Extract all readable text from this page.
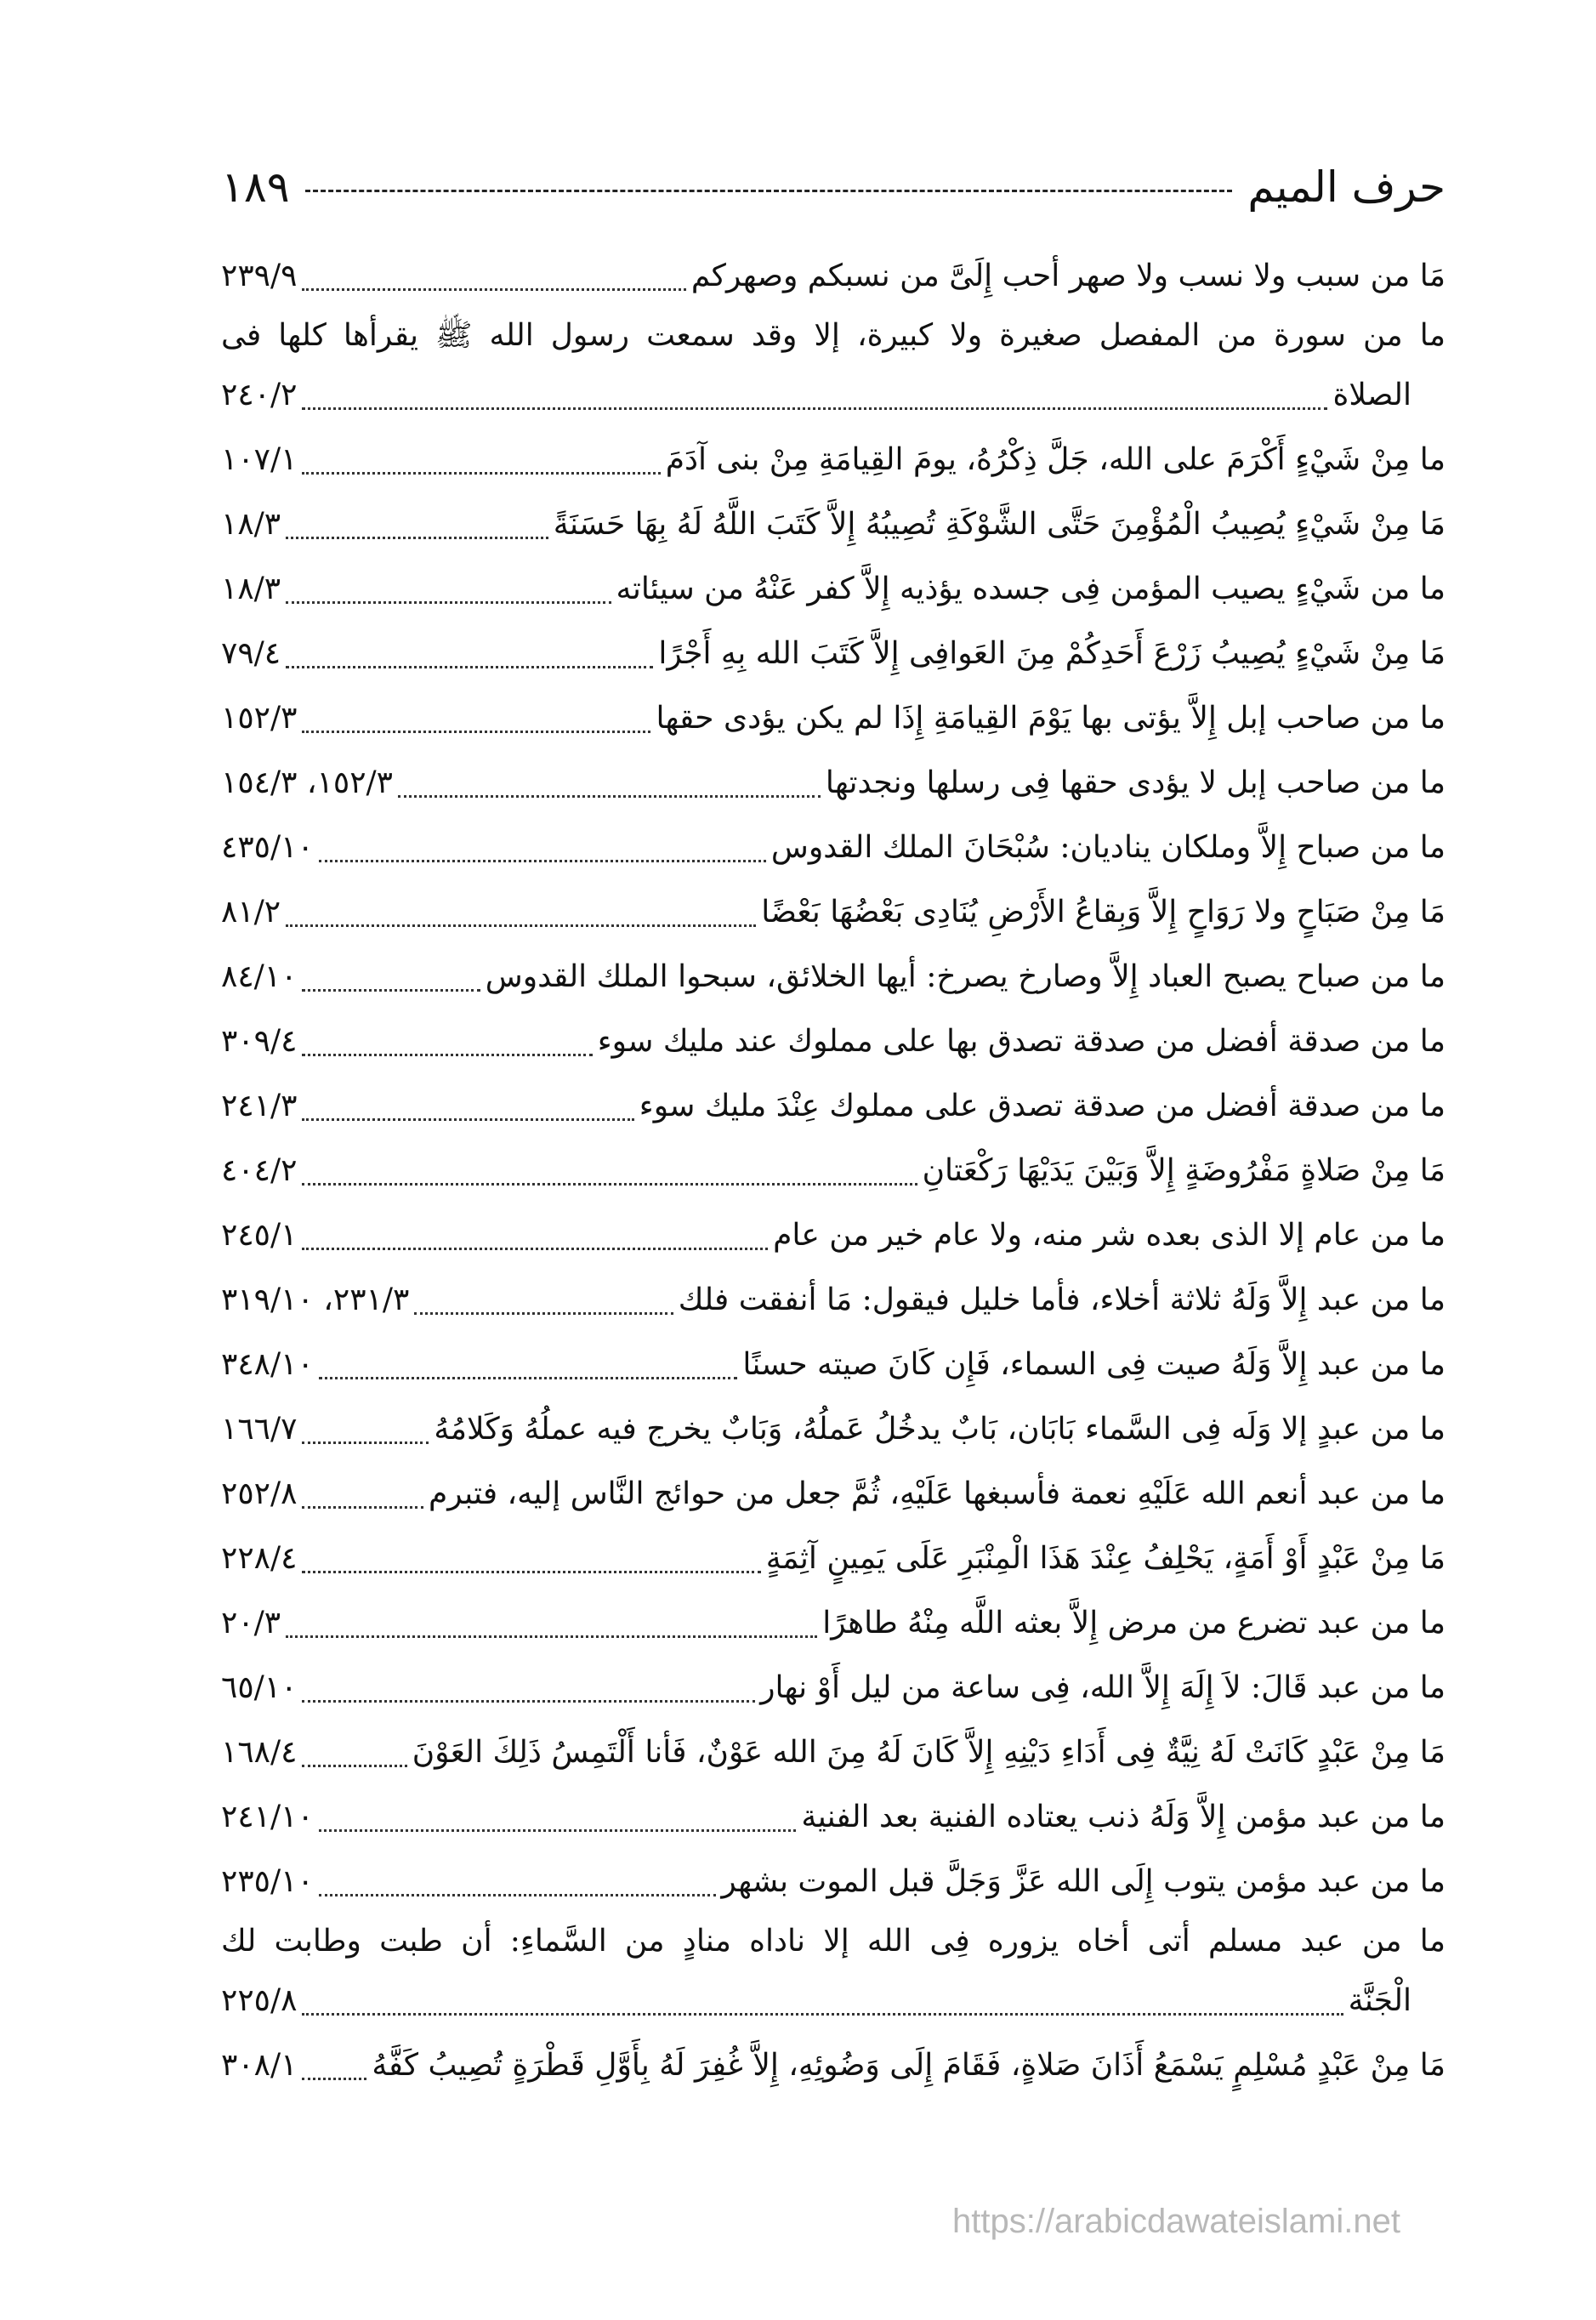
حرف الميم
١٨٩
مَا من سبب ولا نسب ولا صهر أحب إِلَىَّ من نسبكم وصهركم
٢٣٩/٩
ما من سورة من المفصل صغيرة ولا كبيرة، إلا وقد سمعت رسول الله ﷺ يقرأها كلها فى
الصلاة
٢٤٠/٢
ما مِنْ شَيْءٍ أَكْرَمَ على الله، جَلَّ ذِكْرُهُ، يومَ القِيامَةِ مِنْ بنى آدَمَ
١٠٧/١
مَا مِنْ شَيْءٍ يُصِيبُ الْمُؤْمِنَ حَتَّى الشَّوْكَةِ تُصِيبُهُ إِلاَّ كَتَبَ اللَّهُ لَهُ بِهَا حَسَنَةً
١٨/٣
ما من شَيْءٍ يصيب المؤمن فِى جسده يؤذيه إِلاَّ كفر عَنْهُ من سيئاته
١٨/٣
مَا مِنْ شَيْءٍ يُصِيبُ زَرْعَ أَحَدِكُمْ مِنَ العَوافِى إِلاَّ كَتَبَ الله بِهِ أَجْرًا
٧٩/٤
ما من صاحب إبل إِلاَّ يؤتى بها يَوْمَ القِيامَةِ إِذَا لم يكن يؤدى حقها
١٥٢/٣
ما من صاحب إبل لا يؤدى حقها فِى رسلها ونجدتها
١٥٢/٣، ١٥٤/٣
ما من صباح إِلاَّ وملكان يناديان: سُبْحَانَ الملك القدوس
٤٣٥/١٠
مَا مِنْ صَبَاحٍ ولا رَوَاحٍ إِلاَّ وَبِقاعُ الأَرْضِ يُنَادِى بَعْضُهَا بَعْضًا
٨١/٢
ما من صباح يصبح العباد إِلاَّ وصارخ يصرخ: أيها الخلائق، سبحوا الملك القدوس
٨٤/١٠
ما من صدقة أفضل من صدقة تصدق بها على مملوك عند مليك سوء
٣٠٩/٤
ما من صدقة أفضل من صدقة تصدق على مملوك عِنْدَ مليك سوء
٢٤١/٣
مَا مِنْ صَلاةٍ مَفْرُوضَةٍ إِلاَّ وَبَيْنَ يَدَيْهَا رَكْعَتانِ
٤٠٤/٢
ما من عام إلا الذى بعده شر منه، ولا عام خير من عام
٢٤٥/١
ما من عبد إِلاَّ وَلَهُ ثلاثة أخلاء، فأما خليل فيقول: مَا أنفقت فلك
٢٣١/٣، ٣١٩/١٠
ما من عبد إِلاَّ وَلَهُ صيت فِى السماء، فَإِن كَانَ صيته حسنًا
٣٤٨/١٠
ما من عبدٍ إلا وَلَه فِى السَّماء بَابَان، بَابٌ يدخُلُ عَملُهُ، وَبَابٌ يخرج فيه عملُهُ وَكَلامُهُ
١٦٦/٧
ما من عبد أنعم الله عَلَيْهِ نعمة فأسبغها عَلَيْهِ، ثُمَّ جعل من حوائج النَّاس إليه، فتبرم
٢٥٢/٨
مَا مِنْ عَبْدٍ أَوْ أَمَةٍ، يَحْلِفُ عِنْدَ هَذَا الْمِنْبَرِ عَلَى يَمِينٍ آثِمَةٍ
٢٢٨/٤
ما من عبد تضرع من مرض إِلاَّ بعثه اللَّه مِنْهُ طاهرًا
٢٠/٣
ما من عبد قَالَ: لاَ إِلَهَ إِلاَّ الله، فِى ساعة من ليل أَوْ نهار
٦٥/١٠
مَا مِنْ عَبْدٍ كَانَتْ لَهُ نِيَّةٌ فِى أَدَاءِ دَيْنِهِ إِلاَّ كَانَ لَهُ مِنَ الله عَوْنٌ، فَأنا أَلْتَمِسُ ذَلِكَ العَوْنَ
١٦٨/٤
ما من عبد مؤمن إِلاَّ وَلَهُ ذنب يعتاده الفنية بعد الفنية
٢٤١/١٠
ما من عبد مؤمن يتوب إِلَى الله عَزَّ وَجَلَّ قبل الموت بشهر
٢٣٥/١٠
ما من عبد مسلم أتى أخاه يزوره فِى الله إلا ناداه منادٍ من السَّماءِ: أن طبت وطابت لك
الْجَنَّة
٢٢٥/٨
مَا مِنْ عَبْدٍ مُسْلِمٍ يَسْمَعُ أَذَانَ صَلاةٍ، فَقَامَ إِلَى وَضُوئِهِ، إِلاَّ غُفِرَ لَهُ بِأَوَّلِ قَطْرَةٍ تُصِيبُ كَفَّهُ
٣٠٨/١
https://arabicdawateislami.net
